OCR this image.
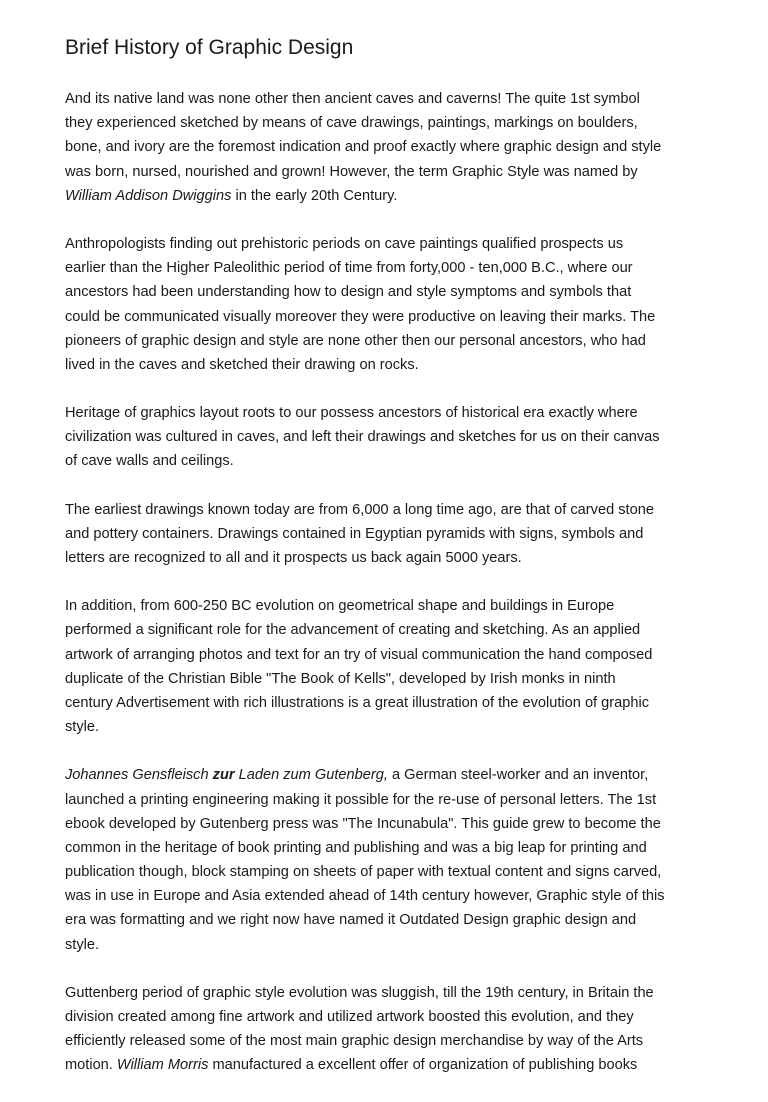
Brief History of Graphic Design

And its native land was none other then ancient caves and caverns! The quite 1st symbol
they experienced sketched by means of cave drawings, paintings, markings on boulders,
bone, and ivory are the foremost indication and proof exactly where graphic design and style
was born, nursed, nourished and grown! However, the term Graphic Style was named by
William Addison Dwiggins in the early 20th Century.

Anthropologists finding out prehistoric periods on cave paintings qualified prospects us
earlier than the Higher Paleolithic period of time from forty,000 - ten,000 B.C., where our
ancestors had been understanding how to design and style symptoms and symbols that
could be communicated visually moreover they were productive on leaving their marks. The
pioneers of graphic design and style are none other then our personal ancestors, who had
lived in the caves and sketched their drawing on rocks.

Heritage of graphics layout roots to our possess ancestors of historical era exactly where
civilization was cultured in caves, and left their drawings and sketches for us on their canvas
of cave walls and ceilings.

The earliest drawings known today are from 6,000 a long time ago, are that of carved stone
and pottery containers. Drawings contained in Egyptian pyramids with signs, symbols and
letters are recognized to all and it prospects us back again 5000 years.

In addition, from 600-250 BC evolution on geometrical shape and buildings in Europe
performed a significant role for the advancement of creating and sketching. As an applied
artwork of arranging photos and text for an try of visual communication the hand composed
duplicate of the Christian Bible "The Book of Kells", developed by Irish monks in ninth
century Advertisement with rich illustrations is a great illustration of the evolution of graphic
style.

Johannes Gensfleisch zur Laden zum Gutenberg, a German steel-worker and an inventor,
launched a printing engineering making it possible for the re-use of personal letters. The 1st
ebook developed by Gutenberg press was "The Incunabula". This guide grew to become the
common in the heritage of book printing and publishing and was a big leap for printing and
publication though, block stamping on sheets of paper with textual content and signs carved,
was in use in Europe and Asia extended ahead of 14th century however, Graphic style of this
era was formatting and we right now have named it Outdated Design graphic design and
style.

Guttenberg period of graphic style evolution was sluggish, till the 19th century, in Britain the
division created among fine artwork and utilized artwork boosted this evolution, and they
efficiently released some of the most main graphic design merchandise by way of the Arts
motion. William Morris manufactured a excellent offer of organization of publishing books
